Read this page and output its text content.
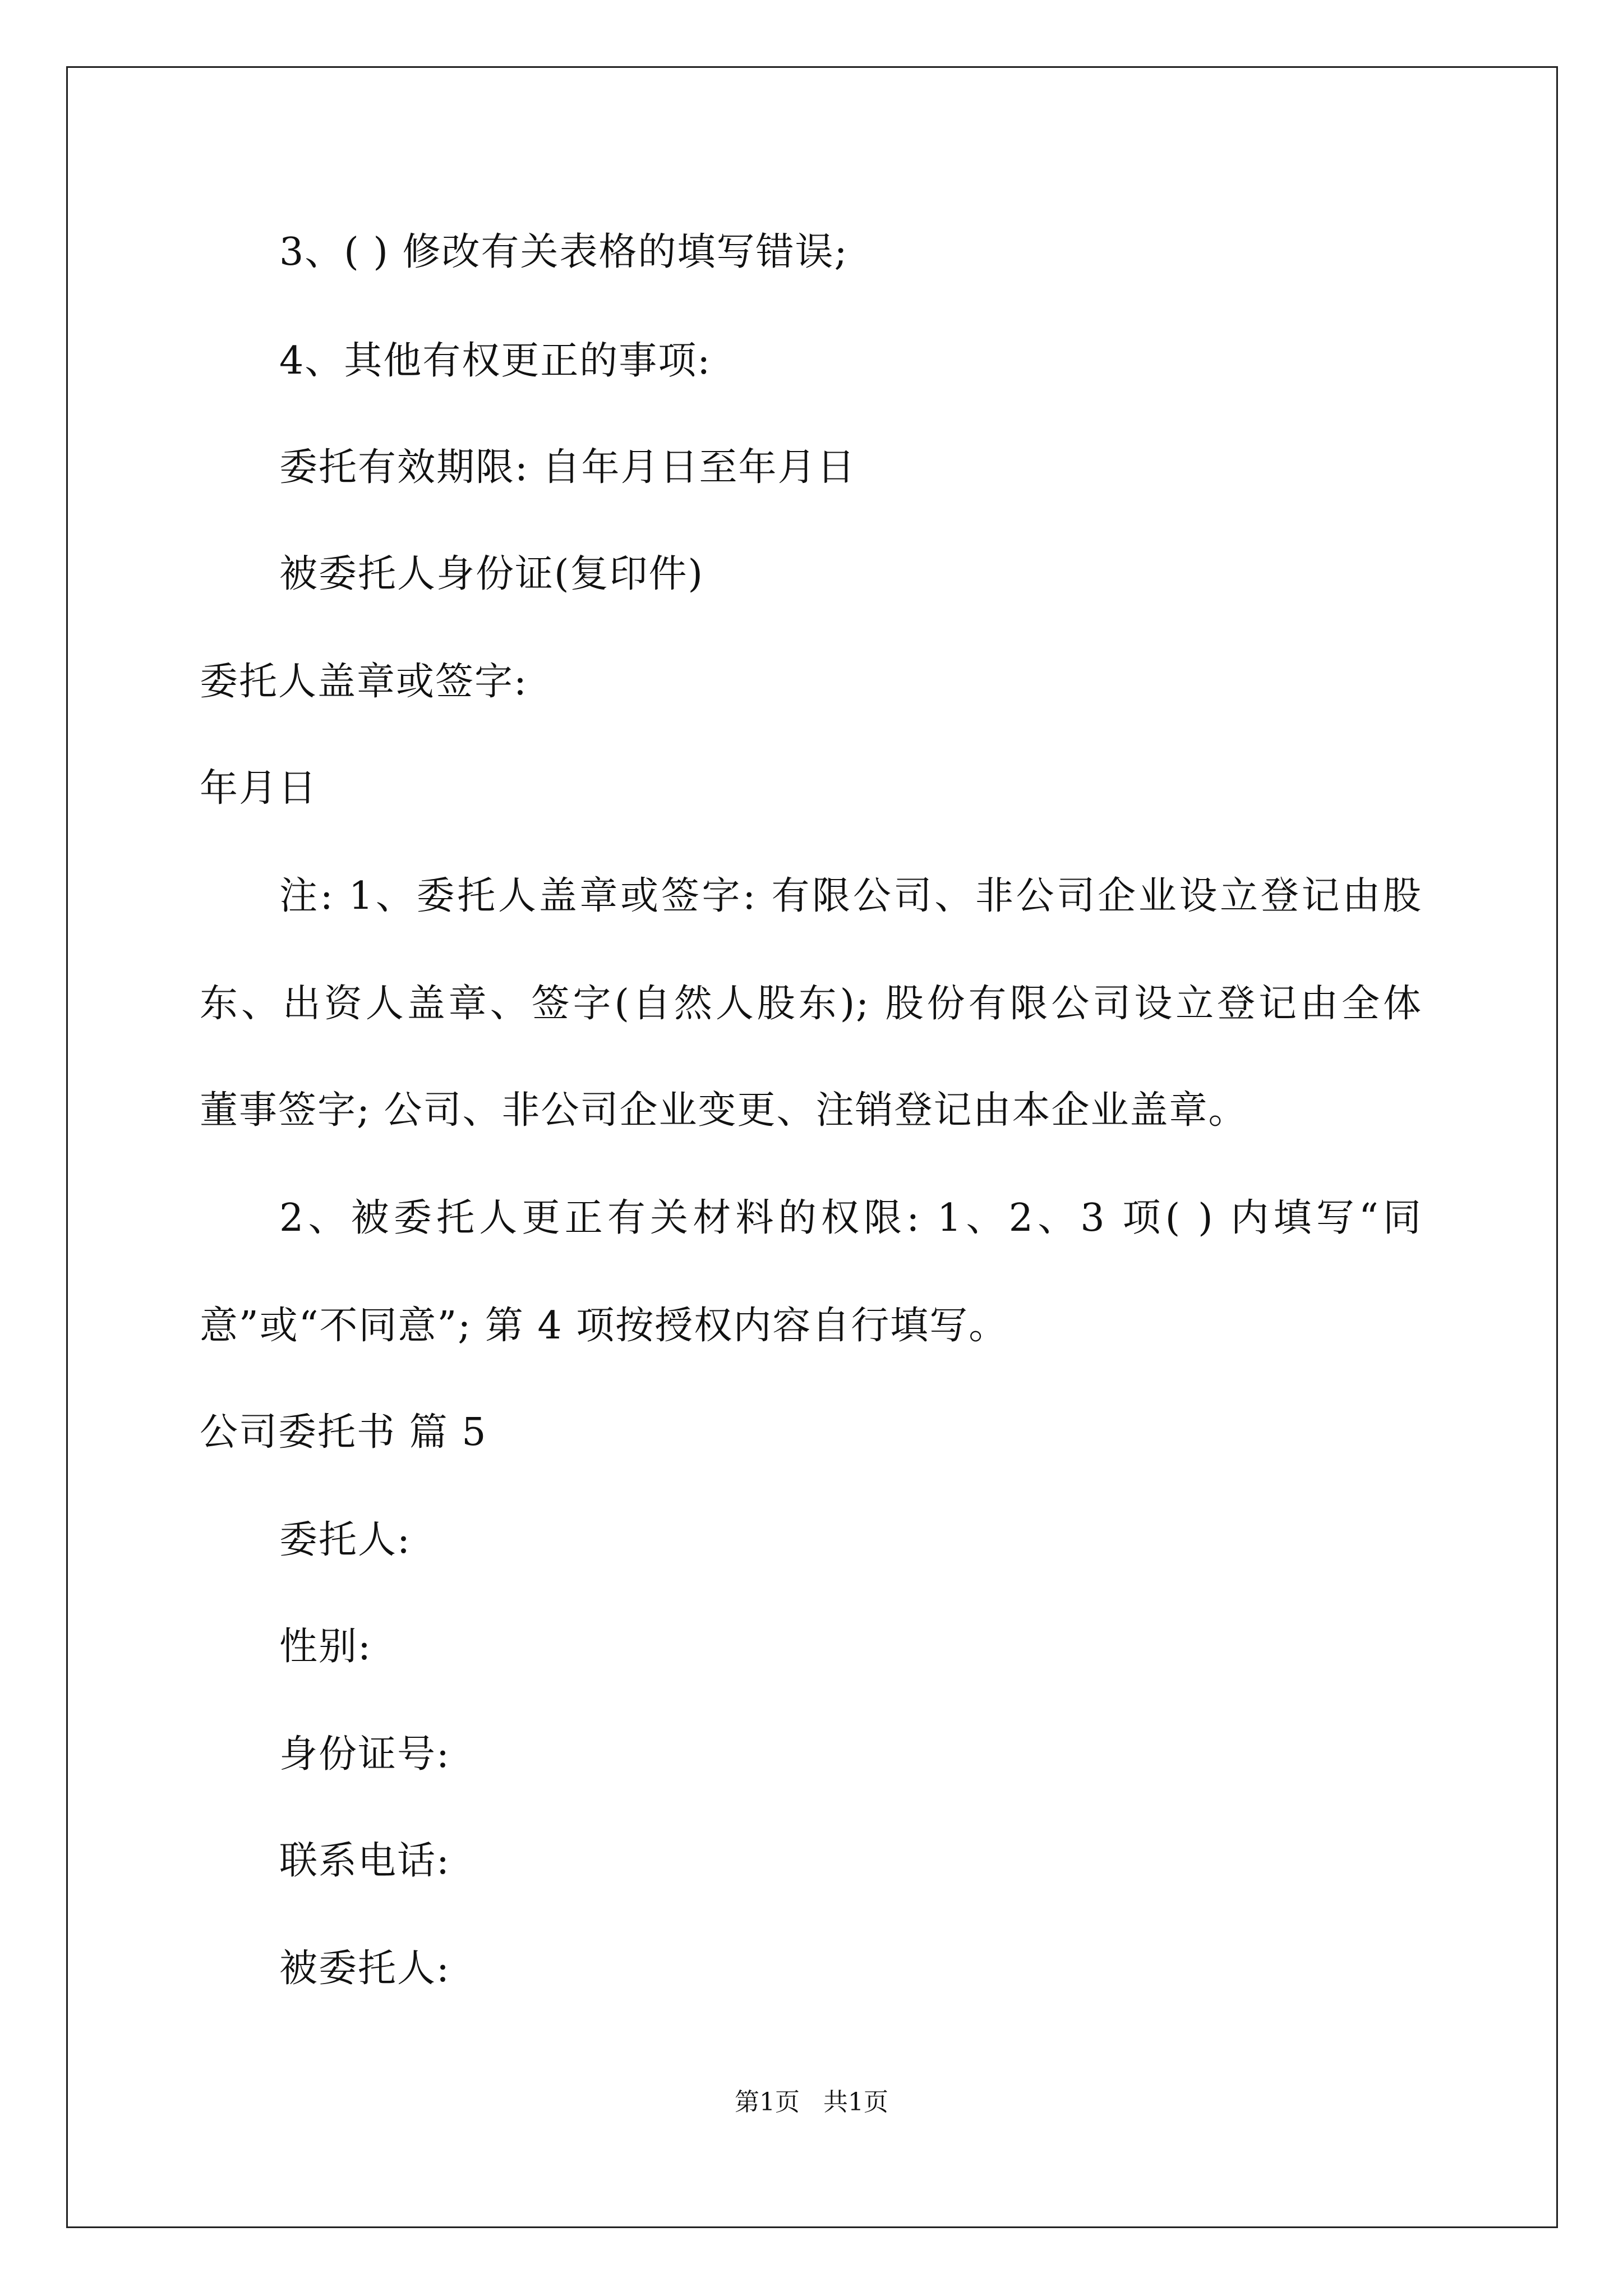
3、( ) 修改有关表格的填写错误;
4、其他有权更正的事项:
委托有效期限: 自年月日至年月日
被委托人身份证(复印件)
委托人盖章或签字:
年月日
注: 1、委托人盖章或签字: 有限公司、非公司企业设立登记由股
东、出资人盖章、签字(自然人股东); 股份有限公司设立登记由全体
董事签字; 公司、非公司企业变更、注销登记由本企业盖章。
2、被委托人更正有关材料的权限: 1、2、3 项( ) 内填写“同
意”或“不同意”; 第 4 项按授权内容自行填写。
公司委托书 篇 5
委托人:
性别:
身份证号:
联系电话:
被委托人:
第1页   共1页
